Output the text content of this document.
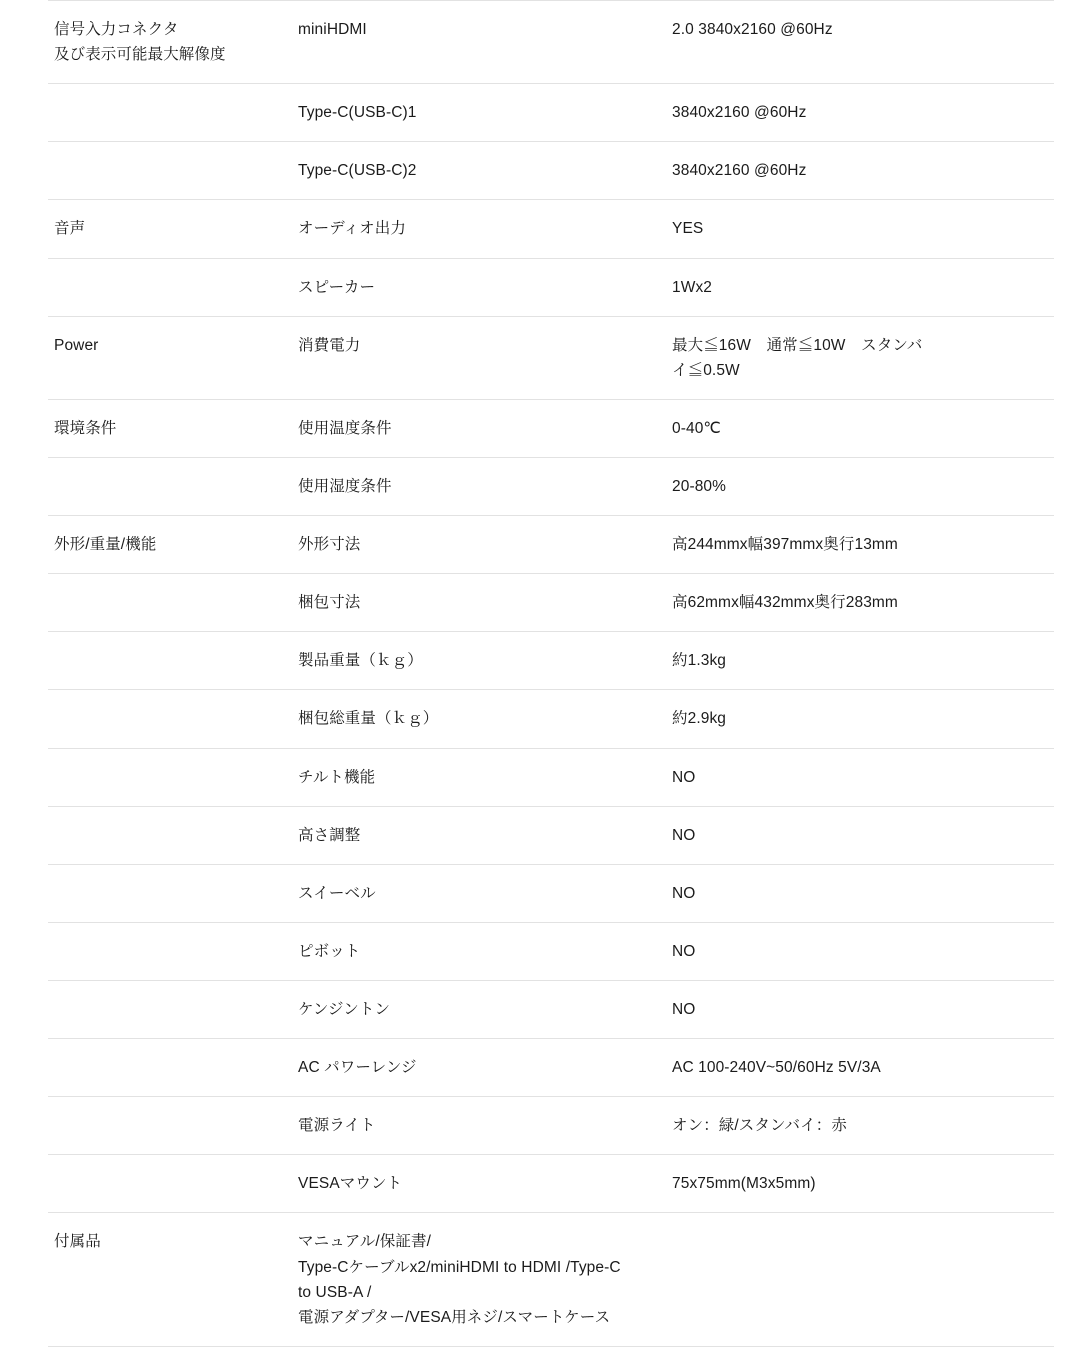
信号入力コネクタ
及び表示可能最大解像度	miniHDMI	2.0 3840x2160 @60Hz

	Type-C(USB-C)1	3840x2160 @60Hz

	Type-C(USB-C)2	3840x2160 @60Hz

音声	オーディオ出力	YES

	スピーカー	1Wx2

Power	消費電力	最大≦16W　通常≦10W　スタンバ
イ≦0.5W

環境条件	使用温度条件	0-40℃

	使用湿度条件	20-80%

外形/重量/機能	外形寸法	高244mmx幅397mmx奥行13mm

	梱包寸法	高62mmx幅432mmx奥行283mm

	製品重量（ｋｇ）	約1.3kg

	梱包総重量（ｋｇ）	約2.9kg

	チルト機能	NO

	高さ調整	NO

	スイーベル	NO

	ピボット	NO

	ケンジントン	NO

	AC パワーレンジ	AC 100-240V~50/60Hz 5V/3A

	電源ライト	オン：緑/スタンバイ：赤

	VESAマウント	75x75mm(M3x5mm)

付属品	マニュアル/保証書/
Type-Cケーブルx2/miniHDMI to HDMI /Type-C
to USB-A /
電源アダプター/VESA用ネジ/スマートケース	
